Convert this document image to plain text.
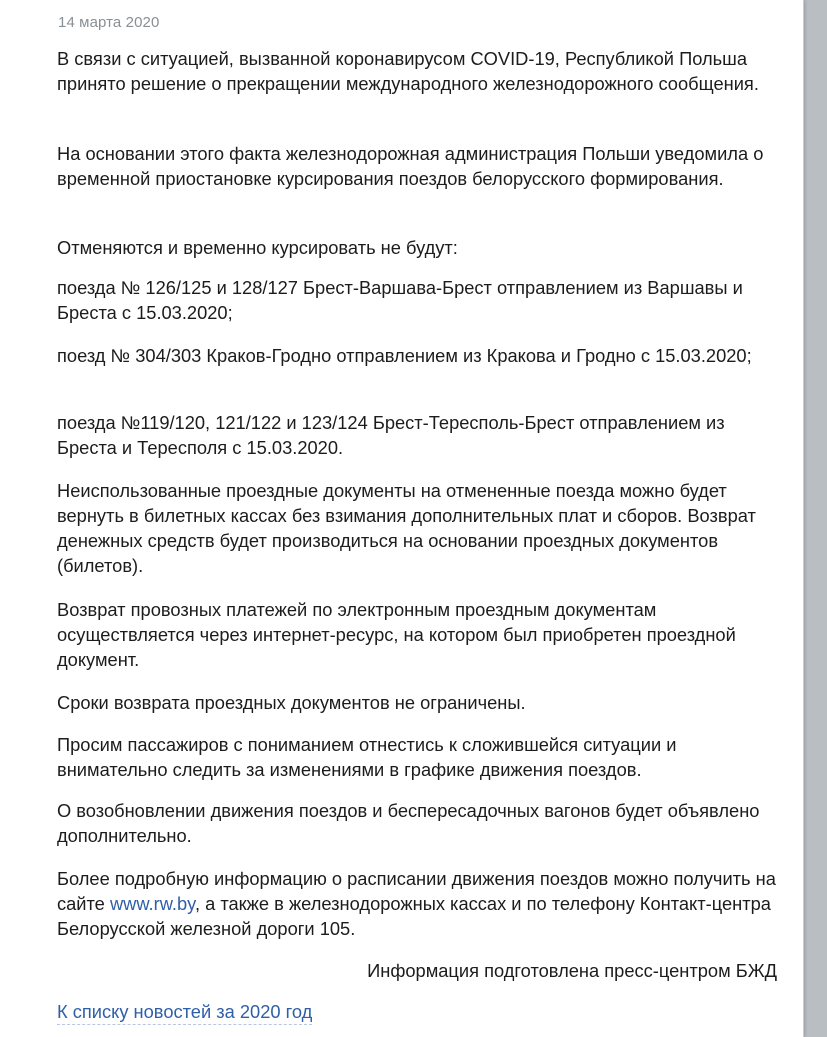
14 марта 2020

В связи с ситуацией, вызванной коронавирусом COVID-19, Республикой Польша принято решение о прекращении международного железнодорожного сообщения.

На основании этого факта железнодорожная администрация Польши уведомила о временной приостановке курсирования поездов белорусского формирования.

Отменяются и временно курсировать не будут:

поезда № 126/125 и 128/127 Брест-Варшава-Брест отправлением из Варшавы и Бреста с 15.03.2020;

поезд № 304/303 Краков-Гродно отправлением из Кракова и Гродно с 15.03.2020;

поезда №119/120, 121/122 и 123/124 Брест-Тересполь-Брест отправлением из Бреста и Тересполя с 15.03.2020.

Неиспользованные проездные документы на отмененные поезда можно будет вернуть в билетных кассах без взимания дополнительных плат и сборов. Возврат денежных средств будет производиться на основании проездных документов (билетов).

Возврат провозных платежей по электронным проездным документам осуществляется через интернет-ресурс, на котором был приобретен проездной документ.

Сроки возврата проездных документов не ограничены.

Просим пассажиров с пониманием отнестись к сложившейся ситуации и внимательно следить за изменениями в графике движения поездов.

О возобновлении движения поездов и беспересадочных вагонов будет объявлено дополнительно.

Более подробную информацию о расписании движения поездов можно получить на сайте www.rw.by, а также в железнодорожных кассах и по телефону Контакт-центра Белорусской железной дороги 105.

Информация подготовлена пресс-центром БЖД
К списку новостей за 2020 год
